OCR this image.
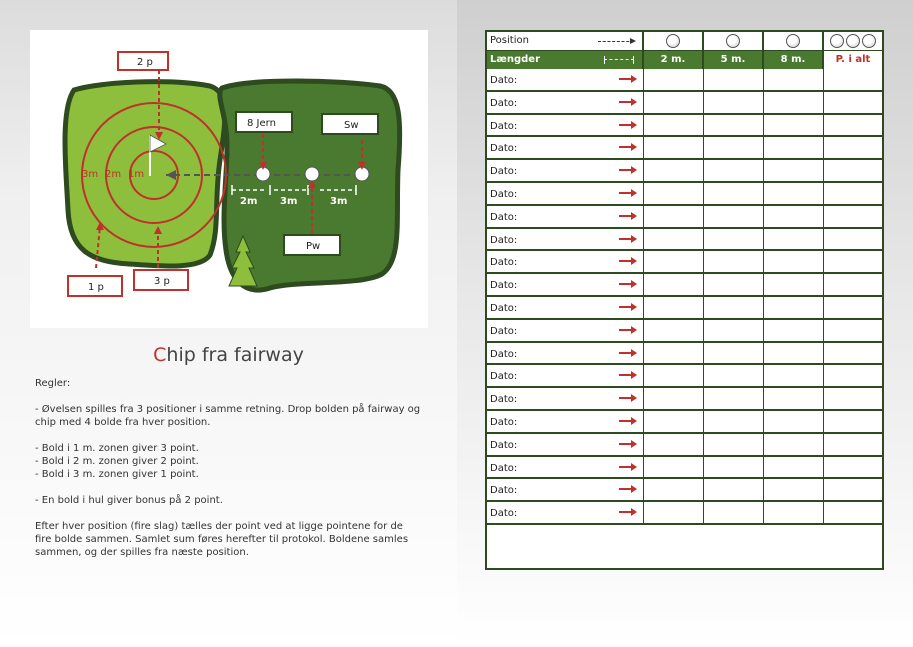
3m 2m 1m
2m 3m	3m
2 p
8 Jern	Sw
Pw
1 p
3 p
Chip fra fairway

Regler:

- Øvelsen spilles fra 3 positioner i samme retning. Drop bolden på fairway og
chip med 4 bolde fra hver position.

- Bold i 1 m. zonen giver 3 point.
- Bold i 2 m. zonen giver 2 point.
- Bold i 3 m. zonen giver 1 point.

- En bold i hul giver bonus på 2 point.

Efter hver position (fire slag) tælles der point ved at ligge pointene for de
fire bolde sammen. Samlet sum føres herefter til protokol. Boldene samles
sammen, og der spilles fra næste position.

Position
Længder	2 m.	5 m.	8 m.	P. i alt
Dato:
Dato:
Dato:
Dato:
Dato:
Dato:
Dato:
Dato:
Dato:
Dato:
Dato:
Dato:
Dato:
Dato:
Dato:
Dato:
Dato:
Dato:
Dato:
Dato:
